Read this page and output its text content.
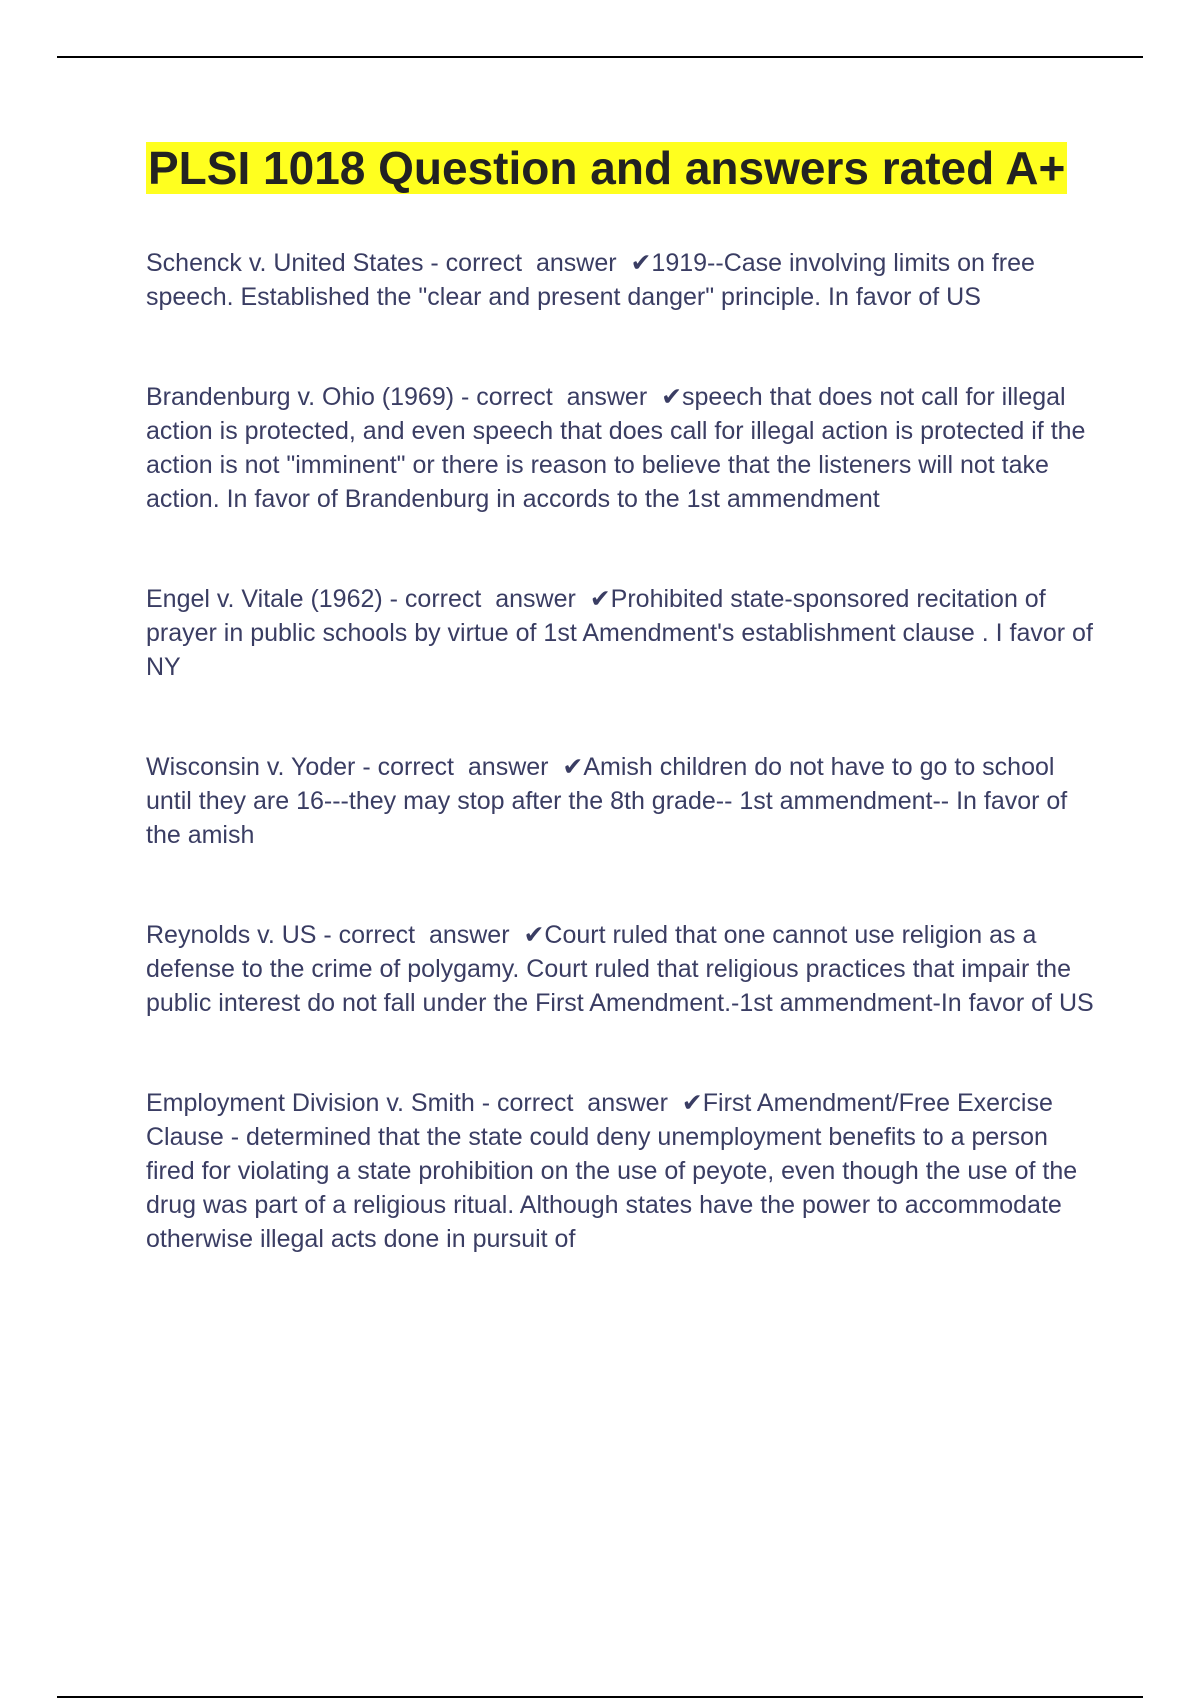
PLSI 1018 Question and answers rated A+
Schenck v. United States - correct  answer  ✔1919--Case involving limits on free speech. Established the "clear and present danger" principle. In favor of US
Brandenburg v. Ohio (1969) - correct  answer  ✔speech that does not call for illegal action is protected, and even speech that does call for illegal action is protected if the action is not "imminent" or there is reason to believe that the listeners will not take action. In favor of Brandenburg in accords to the 1st ammendment
Engel v. Vitale (1962) - correct  answer  ✔Prohibited state-sponsored recitation of prayer in public schools by virtue of 1st Amendment's establishment clause . I favor of NY
Wisconsin v. Yoder - correct  answer  ✔Amish children do not have to go to school until they are 16---they may stop after the 8th grade-- 1st ammendment-- In favor of the amish
Reynolds v. US - correct  answer  ✔Court ruled that one cannot use religion as a defense to the crime of polygamy. Court ruled that religious practices that impair the public interest do not fall under the First Amendment.-1st ammendment-In favor of US
Employment Division v. Smith - correct  answer  ✔First Amendment/Free Exercise Clause - determined that the state could deny unemployment benefits to a person fired for violating a state prohibition on the use of peyote, even though the use of the drug was part of a religious ritual. Although states have the power to accommodate otherwise illegal acts done in pursuit of
